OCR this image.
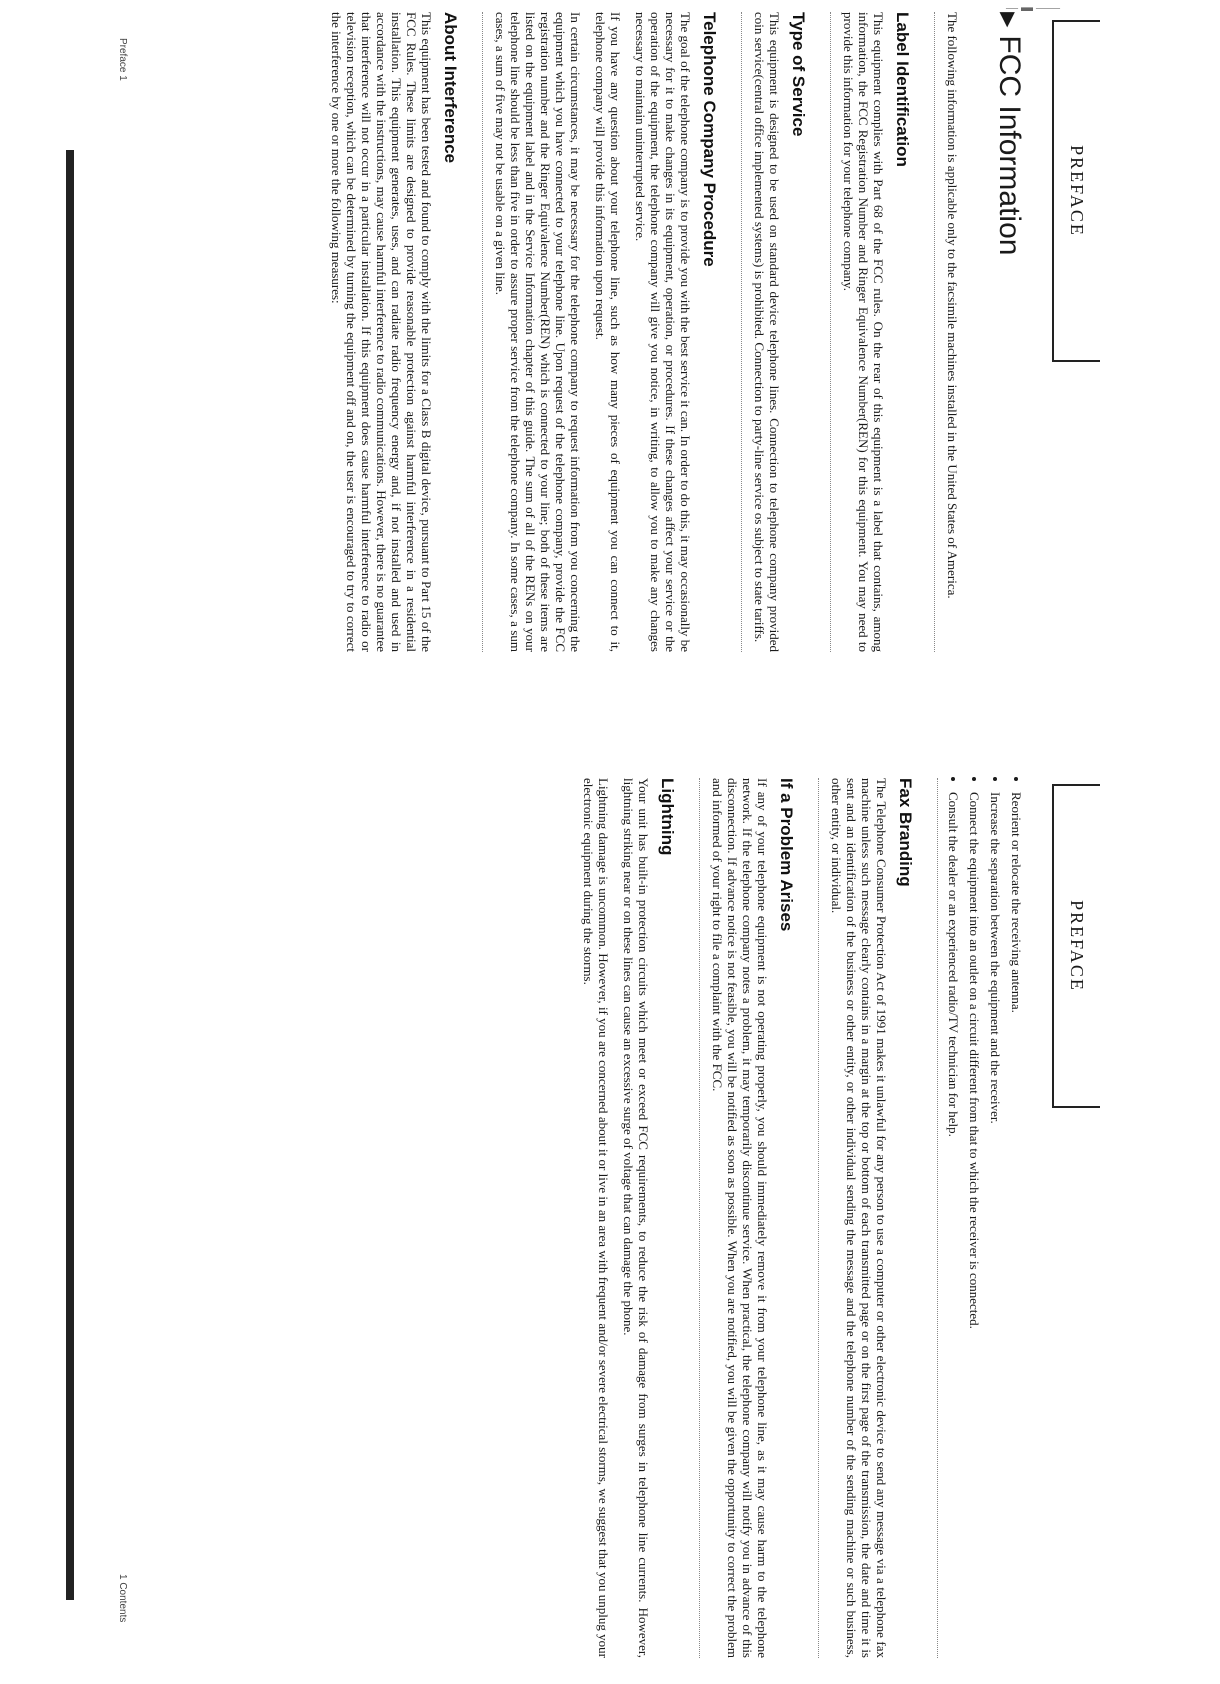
Preface 1
1 Contents
— ▬ ——
PREFACE
▶
FCC Information

The following information is applicable only to the facsimile machines installed in the United States of America.

Label Identification

This equipment complies with Part 68 of the FCC rules. On the rear of this equipment is a label that contains, among information, the FCC Registration Number and Ringer Equivalence Number(REN) for this equipment. You may need to provide this information for your telephone company.

Type of Service

This equipment is designed to be used on standard device telephone lines. Connection to telephone company provided coin service(central office implemented systems) is prohibited. Connection to party-line service os subject to state tariffs.

Telephone Company Procedure

The goal of the telephone company is to provide you with the best service it can. In order to do this, it may occasionally be necessary for it to make changes in its equipment, operation, or procedures. If these changes affect your service or the operation of the equipment, the telephone company will give you notice, in writing, to allow you to make any changes necessary to maintain uninterrupted service.

If you have any question about your telephone line, such as how many pieces of equipment you can connect to it, telephone company will provide this information upon request.

In certain circumstances, it may be necessary for the telephone company to request information from you concerning the equipment which you have connected to your telephone line. Upon request of the telephone company, provide the FCC registration number and the Ringer Equivalence Number(REN) which is connected to your line; both of these items are listed on the equipment label and in the Service Information chapter of this guide. The sum of all of the RENs on your telephone line should be less than five in order to assure proper service from the telephone company. In some cases, a sum cases, a sum of five may not be usable on a given line.

About Interference

This equipment has been tested and found to comply with the limits for a Class B digital device, pursuant to Part 15 of the FCC Rules. These limits are designed to provide reasonable protection against harmful interference in a residential installation. This equipment generates, uses, and can radiate radio frequency energy and, if not installed and used in accordance with the instructions, may cause harmful interference to radio communications. However, there is no guarantee that interference will not occur in a particular installation. If this equipment does cause harmful interference to radio or television reception, which can be determined by turning the equipment off and on, the user is encouraged to try to correct the interference by one or more the following measures:

PREFACE
• Reorient or relocate the receiving antenna.
• Increase the separation between the equipment and the receiver.
• Connect the equipment into an outlet on a circuit different from that to which the receiver is connected.
• Consult the dealer or an experienced radio/TV technician for help.
Fax Branding

The Telephone Consumer Protection Act of 1991 makes it unlawful for any person to use a computer or other electronic device to send any message via a telephone fax machine unless such message clearly contains in a margin at the top or bottom of each transmitted page or on the first page of the transmission, the date and time it is sent and an identification of the business or other entity, or other individual sending the message and the telephone number of the sending machine or such business, other entity, or individual.

If a Problem Arises

If any of your telephone equipment is not operating properly, you should immediately remove it from your telephone line, as it may cause harm to the telephone network. If the telephone company notes a problem, it may temporarily discontinue service. When practical, the telephone company will notify you in advance of this disconnection. If advance notice is not feasible, you will be notified as soon as possible. When you are notified, you will be given the opportunity to correct the problem and informed of your right to file a complaint with the FCC.

Lightning

Your unit has built-in protection circuits which meet or exceed FCC requirements, to reduce the risk of damage from surges in telephone line currents. However, lightning striking near or on these lines can cause an excessive surge of voltage that can damage the phone.

Lightning damage is uncommon. However, if you are concerned about it or live in an area with frequent and/or severe electrical storms, we suggest that you unplug your electronic equipment during the storms.
